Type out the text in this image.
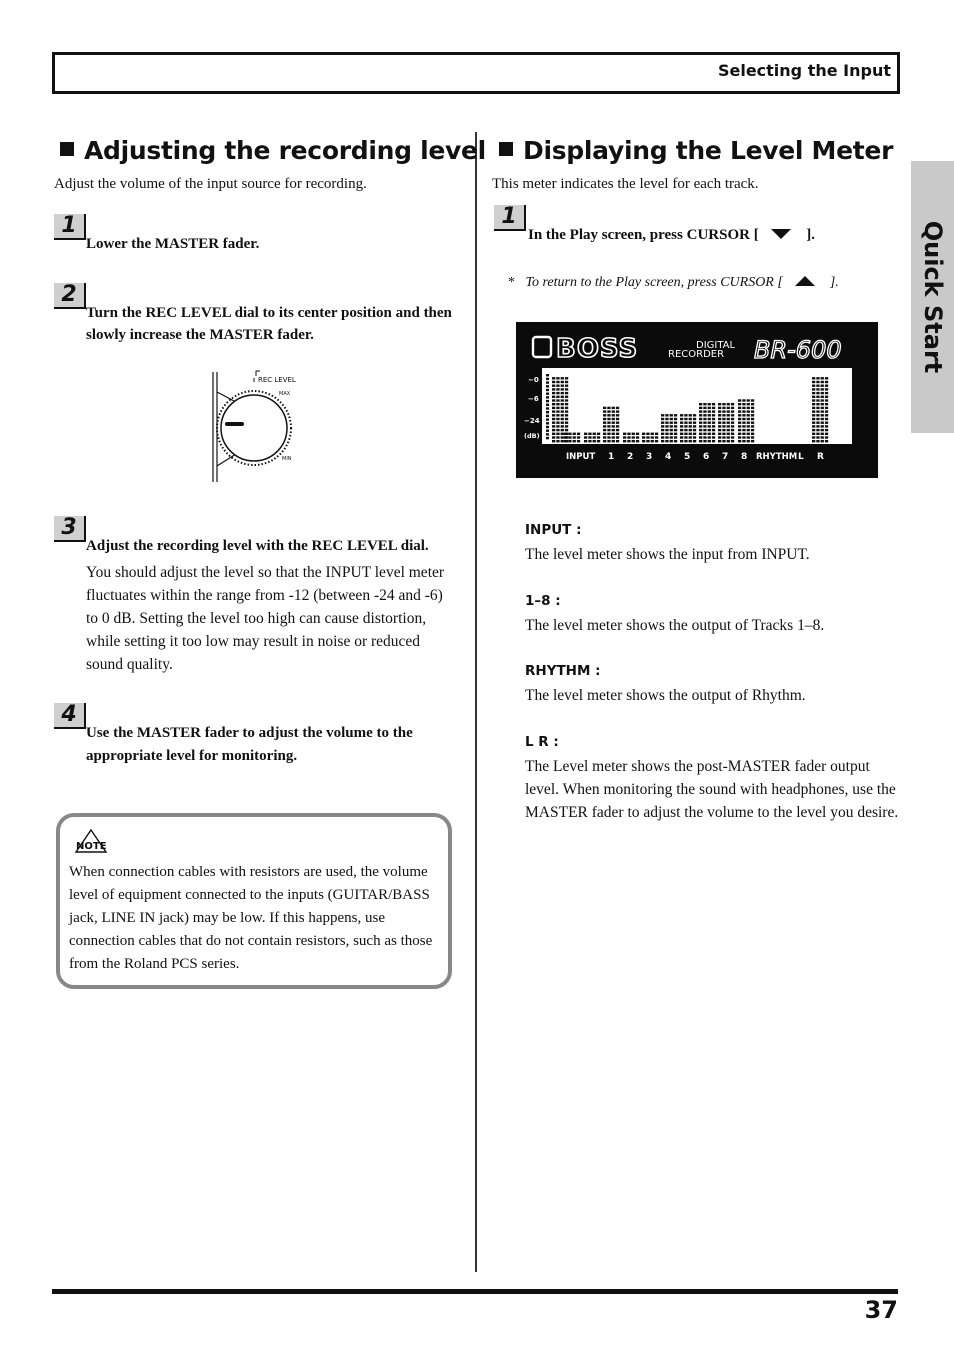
Selecting the Input
Quick Start
Adjusting the recording level
Adjust the volume of the input source for recording.
1
Lower the MASTER fader.
2
Turn the REC LEVEL dial to its center position and then slowly increase the MASTER fader.
REC LEVEL
MAX
MIN
3
Adjust the recording level with the REC LEVEL dial.
You should adjust the level so that the INPUT level meter fluctuates within the range from -12 (between -24 and -6) to 0 dB. Setting the level too high can cause distortion, while setting it too low may result in noise or reduced sound quality.
4
Use the MASTER fader to adjust the volume to the appropriate level for monitoring.
NOTE
When connection cables with resistors are used, the volume level of equipment connected to the inputs (GUITAR/BASS jack, LINE IN jack) may be low. If this happens, use connection cables that do not contain resistors, such as those from the Roland PCS series.
Displaying the Level Meter
This meter indicates the level for each track.
1
In the Play screen, press CURSOR [	].
* To return to the Play screen, press CURSOR [	].
BOSS	DIGITAL
RECORDER BR-600
−0
−6
−24
(dB)
INPUT 1 2 3 4 5 6 7 8 RHYTHM L R
INPUT :
The level meter shows the input from INPUT.
1–8 :
The level meter shows the output of Tracks 1–8.
RHYTHM :
The level meter shows the output of Rhythm.
L R :
The Level meter shows the post-MASTER fader output level. When monitoring the sound with headphones, use the MASTER fader to adjust the volume to the level you desire.
37
